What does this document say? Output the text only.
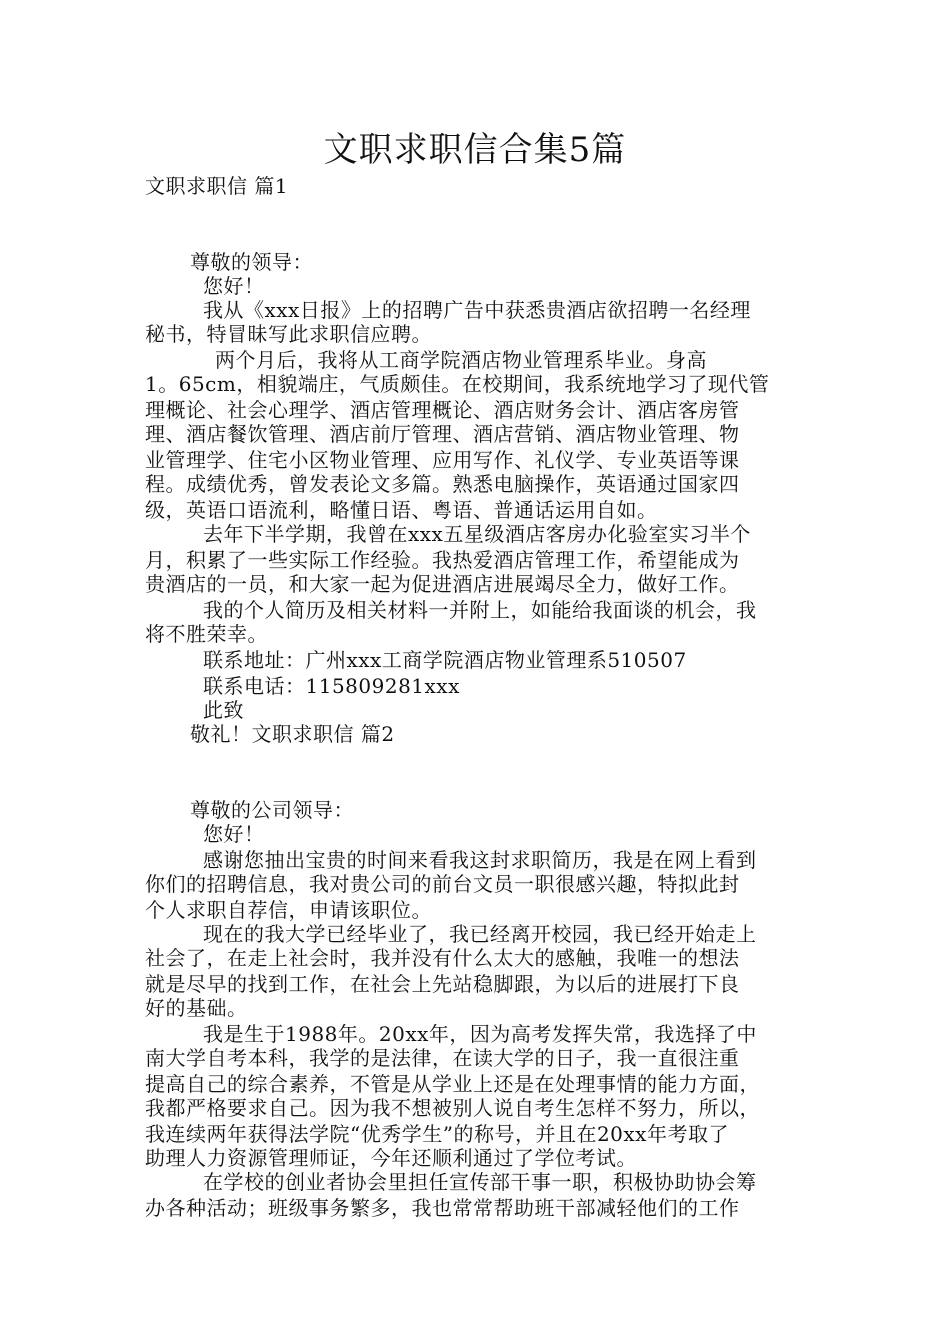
文职求职信合集5篇
文职求职信 篇1
尊敬的领导：
您好！
我从《xxx日报》上的招聘广告中获悉贵酒店欲招聘一名经理
秘书，特冒昧写此求职信应聘。
两个月后，我将从工商学院酒店物业管理系毕业。身高
1。65cm，相貌端庄，气质颇佳。在校期间，我系统地学习了现代管
理概论、社会心理学、酒店管理概论、酒店财务会计、酒店客房管
理、酒店餐饮管理、酒店前厅管理、酒店营销、酒店物业管理、物
业管理学、住宅小区物业管理、应用写作、礼仪学、专业英语等课
程。成绩优秀，曾发表论文多篇。熟悉电脑操作，英语通过国家四
级，英语口语流利，略懂日语、粤语、普通话运用自如。
去年下半学期，我曾在xxx五星级酒店客房办化验室实习半个
月，积累了一些实际工作经验。我热爱酒店管理工作，希望能成为
贵酒店的一员，和大家一起为促进酒店进展竭尽全力，做好工作。
我的个人简历及相关材料一并附上，如能给我面谈的机会，我
将不胜荣幸。
联系地址：广州xxx工商学院酒店物业管理系510507
联系电话：115809281xxx
此致
敬礼！文职求职信 篇2
尊敬的公司领导：
您好！
感谢您抽出宝贵的时间来看我这封求职简历，我是在网上看到
你们的招聘信息，我对贵公司的前台文员一职很感兴趣，特拟此封
个人求职自荐信，申请该职位。
现在的我大学已经毕业了，我已经离开校园，我已经开始走上
社会了，在走上社会时，我并没有什么太大的感触，我唯一的想法
就是尽早的找到工作，在社会上先站稳脚跟，为以后的进展打下良
好的基础。
我是生于1988年。20xx年，因为高考发挥失常，我选择了中
南大学自考本科，我学的是法律，在读大学的日子，我一直很注重
提高自己的综合素养，不管是从学业上还是在处理事情的能力方面，
我都严格要求自己。因为我不想被别人说自考生怎样不努力，所以，
我连续两年获得法学院“优秀学生”的称号，并且在20xx年考取了
助理人力资源管理师证，今年还顺利通过了学位考试。
在学校的创业者协会里担任宣传部干事一职，积极协助协会筹
办各种活动；班级事务繁多，我也常常帮助班干部减轻他们的工作
